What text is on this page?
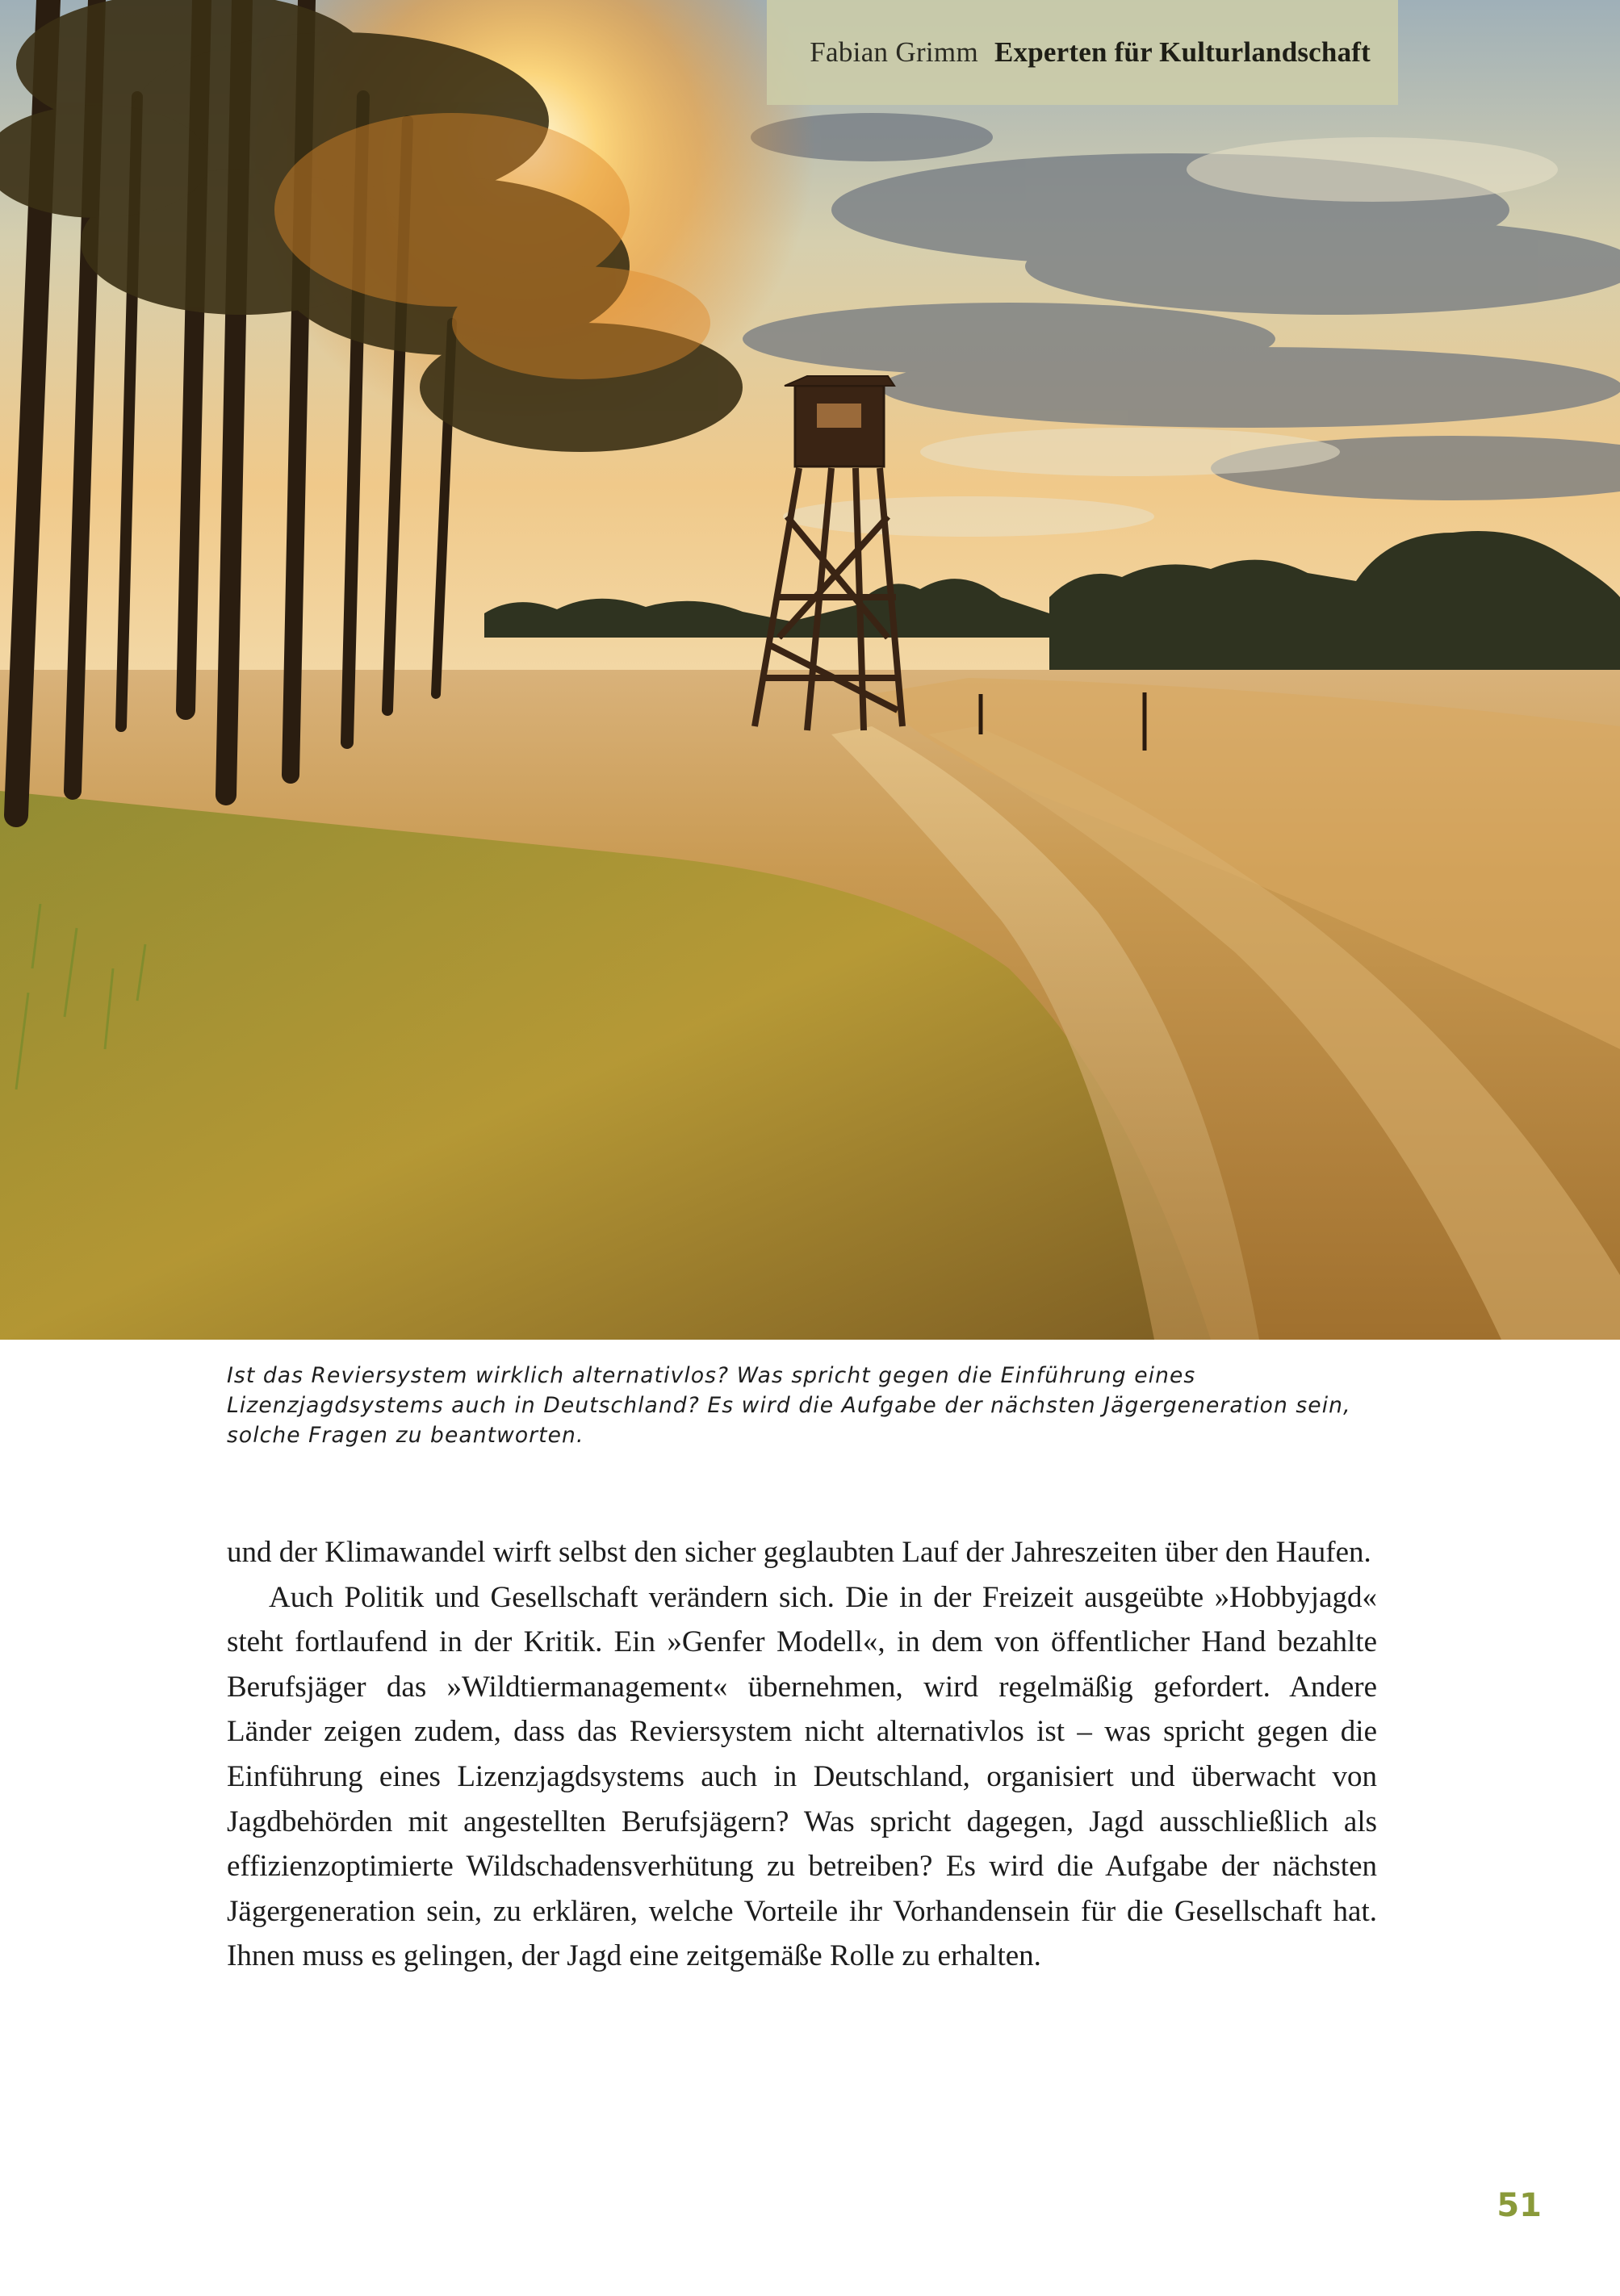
Fabian Grimm Experten für Kulturlandschaft
Ist das Reviersystem wirklich alternativlos? Was spricht gegen die Einführung eines Lizenzjagdsystems auch in Deutschland? Es wird die Aufgabe der nächsten Jägergeneration sein, solche Fragen zu beantworten.

und der Klimawandel wirft selbst den sicher geglaubten Lauf der Jahreszeiten über den Haufen.

Auch Politik und Gesellschaft verändern sich. Die in der Freizeit ausgeübte »Hobbyjagd« steht fortlaufend in der Kritik. Ein »Genfer Modell«, in dem von öffentlicher Hand bezahlte Berufsjäger das »Wildtiermanagement« übernehmen, wird regelmäßig gefordert. Andere Länder zeigen zudem, dass das Reviersystem nicht alternativlos ist – was spricht gegen die Einführung eines Lizenzjagdsystems auch in Deutschland, organisiert und überwacht von Jagdbehörden mit angestellten Berufsjägern? Was spricht dagegen, Jagd ausschließlich als effizienzoptimierte Wildschadensverhütung zu betreiben? Es wird die Aufgabe der nächsten Jägergeneration sein, zu erklären, welche Vorteile ihr Vorhandensein für die Gesellschaft hat. Ihnen muss es gelingen, der Jagd eine zeitgemäße Rolle zu erhalten.

51
